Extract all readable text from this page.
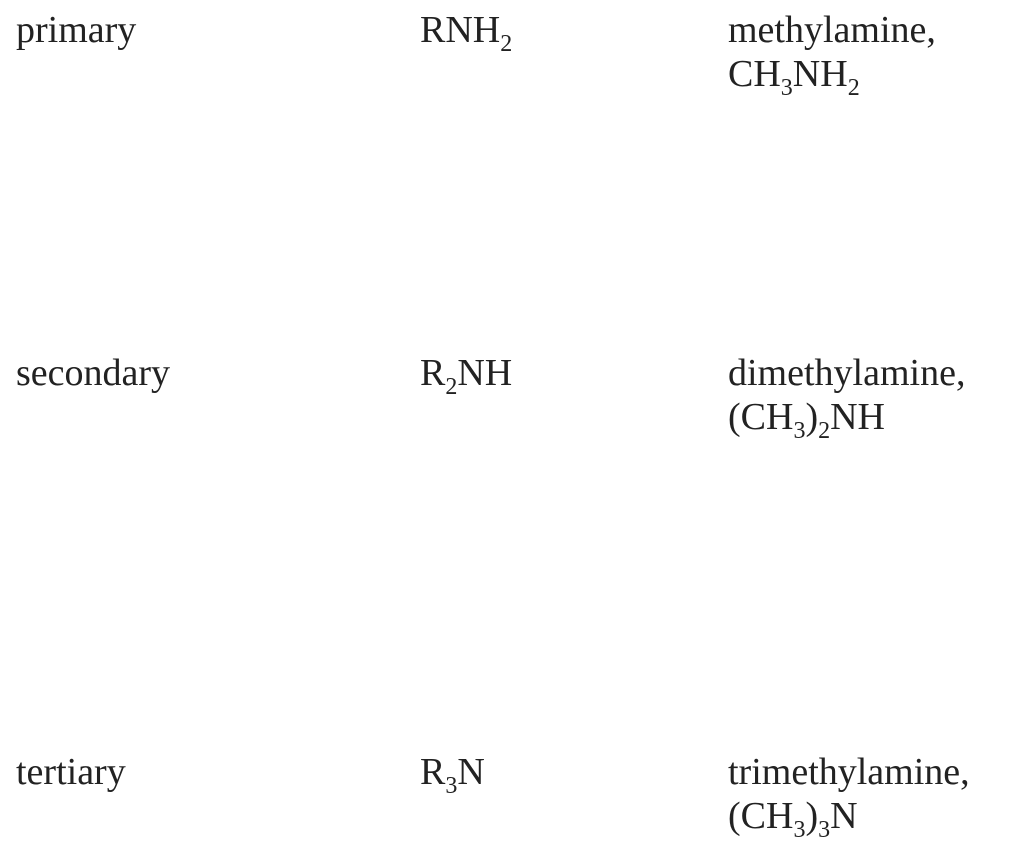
primary	$RNH_2$	methylamine,
$CH_3NH_2$
secondary	$R_2NH$	dimethylamine,
$(CH_3)_2NH$
tertiary	$R_3N$	trimethylamine,
$(CH_3)_3N$
